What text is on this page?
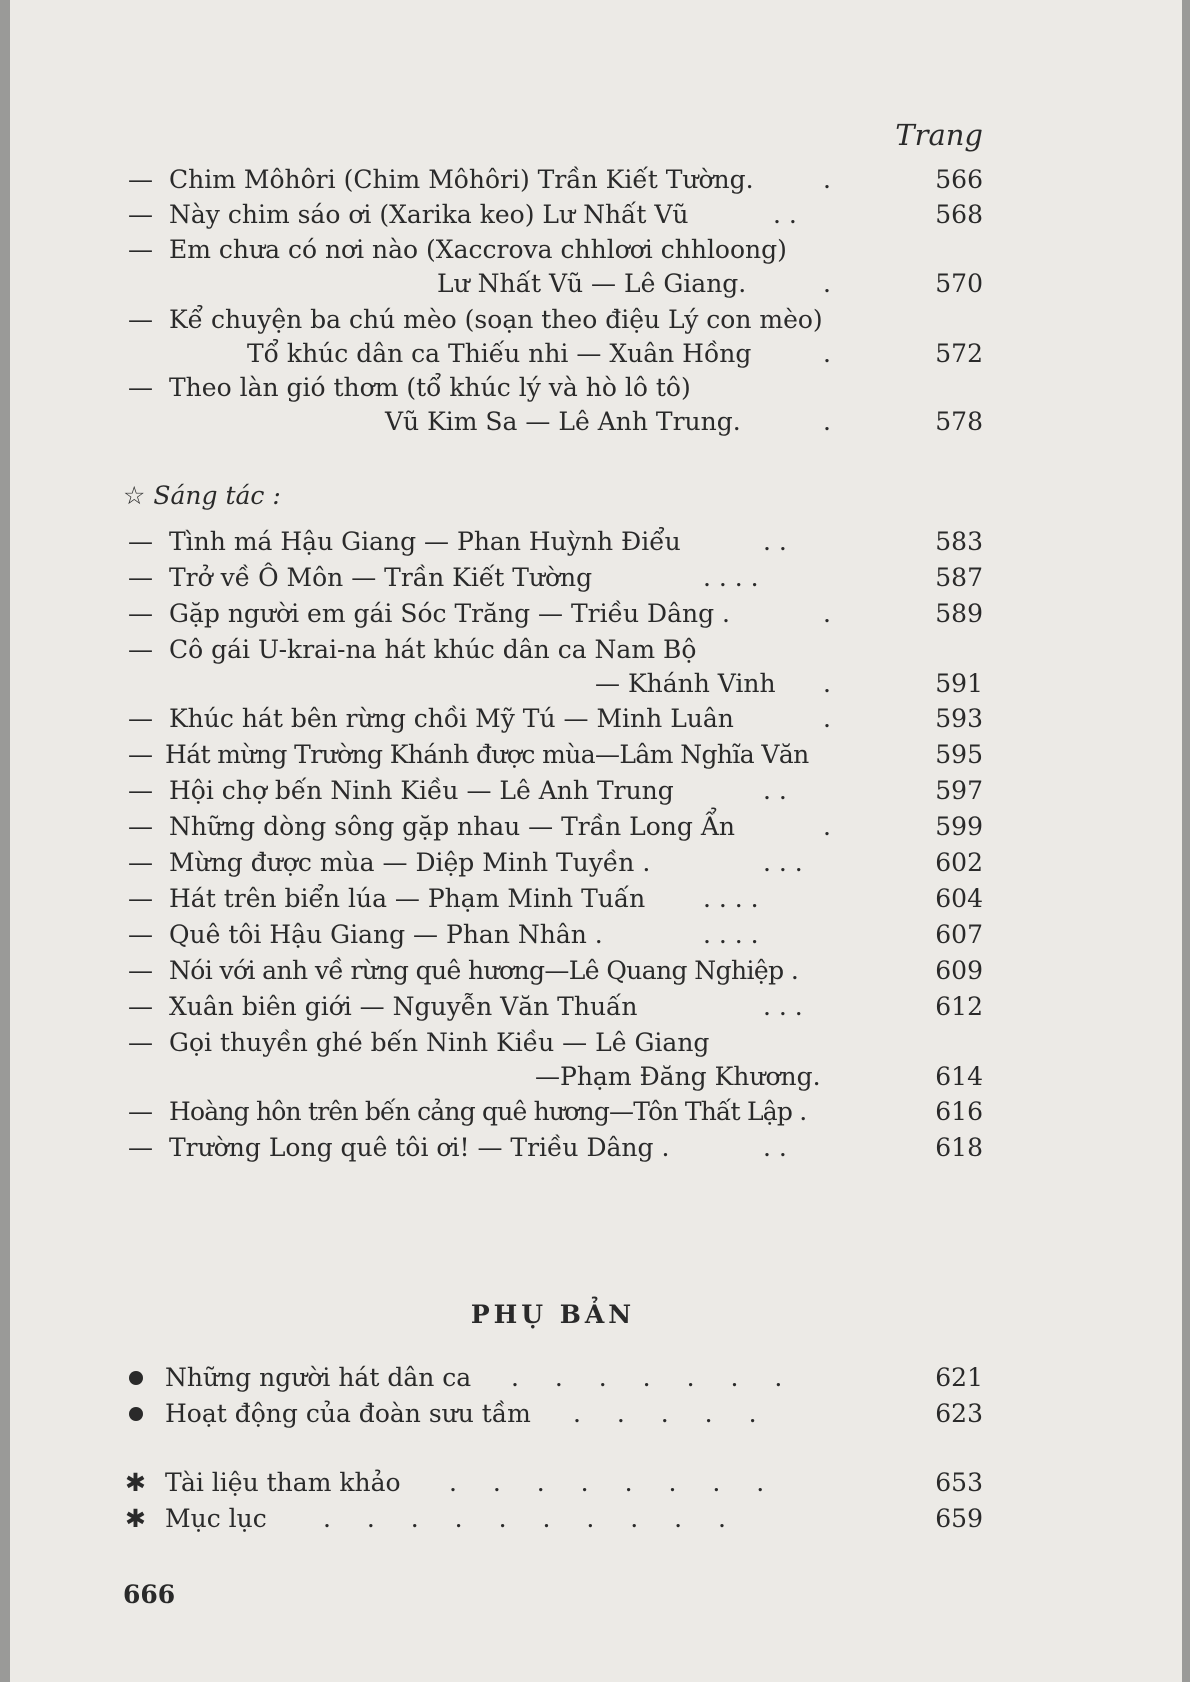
Trang
— Chim Môhôri (Chim Môhôri) Trần Kiết Tường.	.	566
— Này chim sáo ơi (Xarika keo) Lư Nhất Vũ	. .	568
— Em chưa có nơi nào (Xaccrova chhlơơi chhloong)
Lư Nhất Vũ — Lê Giang.	.	570
— Kể chuyện ba chú mèo (soạn theo điệu Lý con mèo)
Tổ khúc dân ca Thiếu nhi — Xuân Hồng	.	572
— Theo làn gió thơm (tổ khúc lý và hò lô tô)
Vũ Kim Sa — Lê Anh Trung.	.	578
☆ Sáng tác :
— Tình má Hậu Giang — Phan Huỳnh Điểu	. .	583
— Trở về Ô Môn — Trần Kiết Tường	. . . .	587
— Gặp người em gái Sóc Trăng — Triều Dâng .	.	589
— Cô gái U-krai-na hát khúc dân ca Nam Bộ
— Khánh Vinh .	591
— Khúc hát bên rừng chồi Mỹ Tú — Minh Luân	.	593
— Hát mừng Trường Khánh được mùa—Lâm Nghĩa Văn	595
— Hội chợ bến Ninh Kiều — Lê Anh Trung	. .	597
— Những dòng sông gặp nhau — Trần Long Ẩn	.	599
— Mừng được mùa — Diệp Minh Tuyền .	. . .	602
— Hát trên biển lúa — Phạm Minh Tuấn . . . .	604
— Quê tôi Hậu Giang — Phan Nhân .	. . . .	607
— Nói với anh về rừng quê hương—Lê Quang Nghiệp .	609
— Xuân biên giới — Nguyễn Văn Thuấn	. . .	612
— Gọi thuyền ghé bến Ninh Kiều — Lê Giang
—Phạm Đăng Khương.	614
— Hoàng hôn trên bến cảng quê hương—Tôn Thất Lập .	616
— Trường Long quê tôi ơi! — Triều Dâng .	. .	618
PHỤ BẢN
Những người hát dân ca . . . . . . .	621
Hoạt động của đoàn sưu tầm . . . . .	623
✱ Tài liệu tham khảo . . . . . . . .	653
✱ Mục lục . . . . . . . . . .	659
666
